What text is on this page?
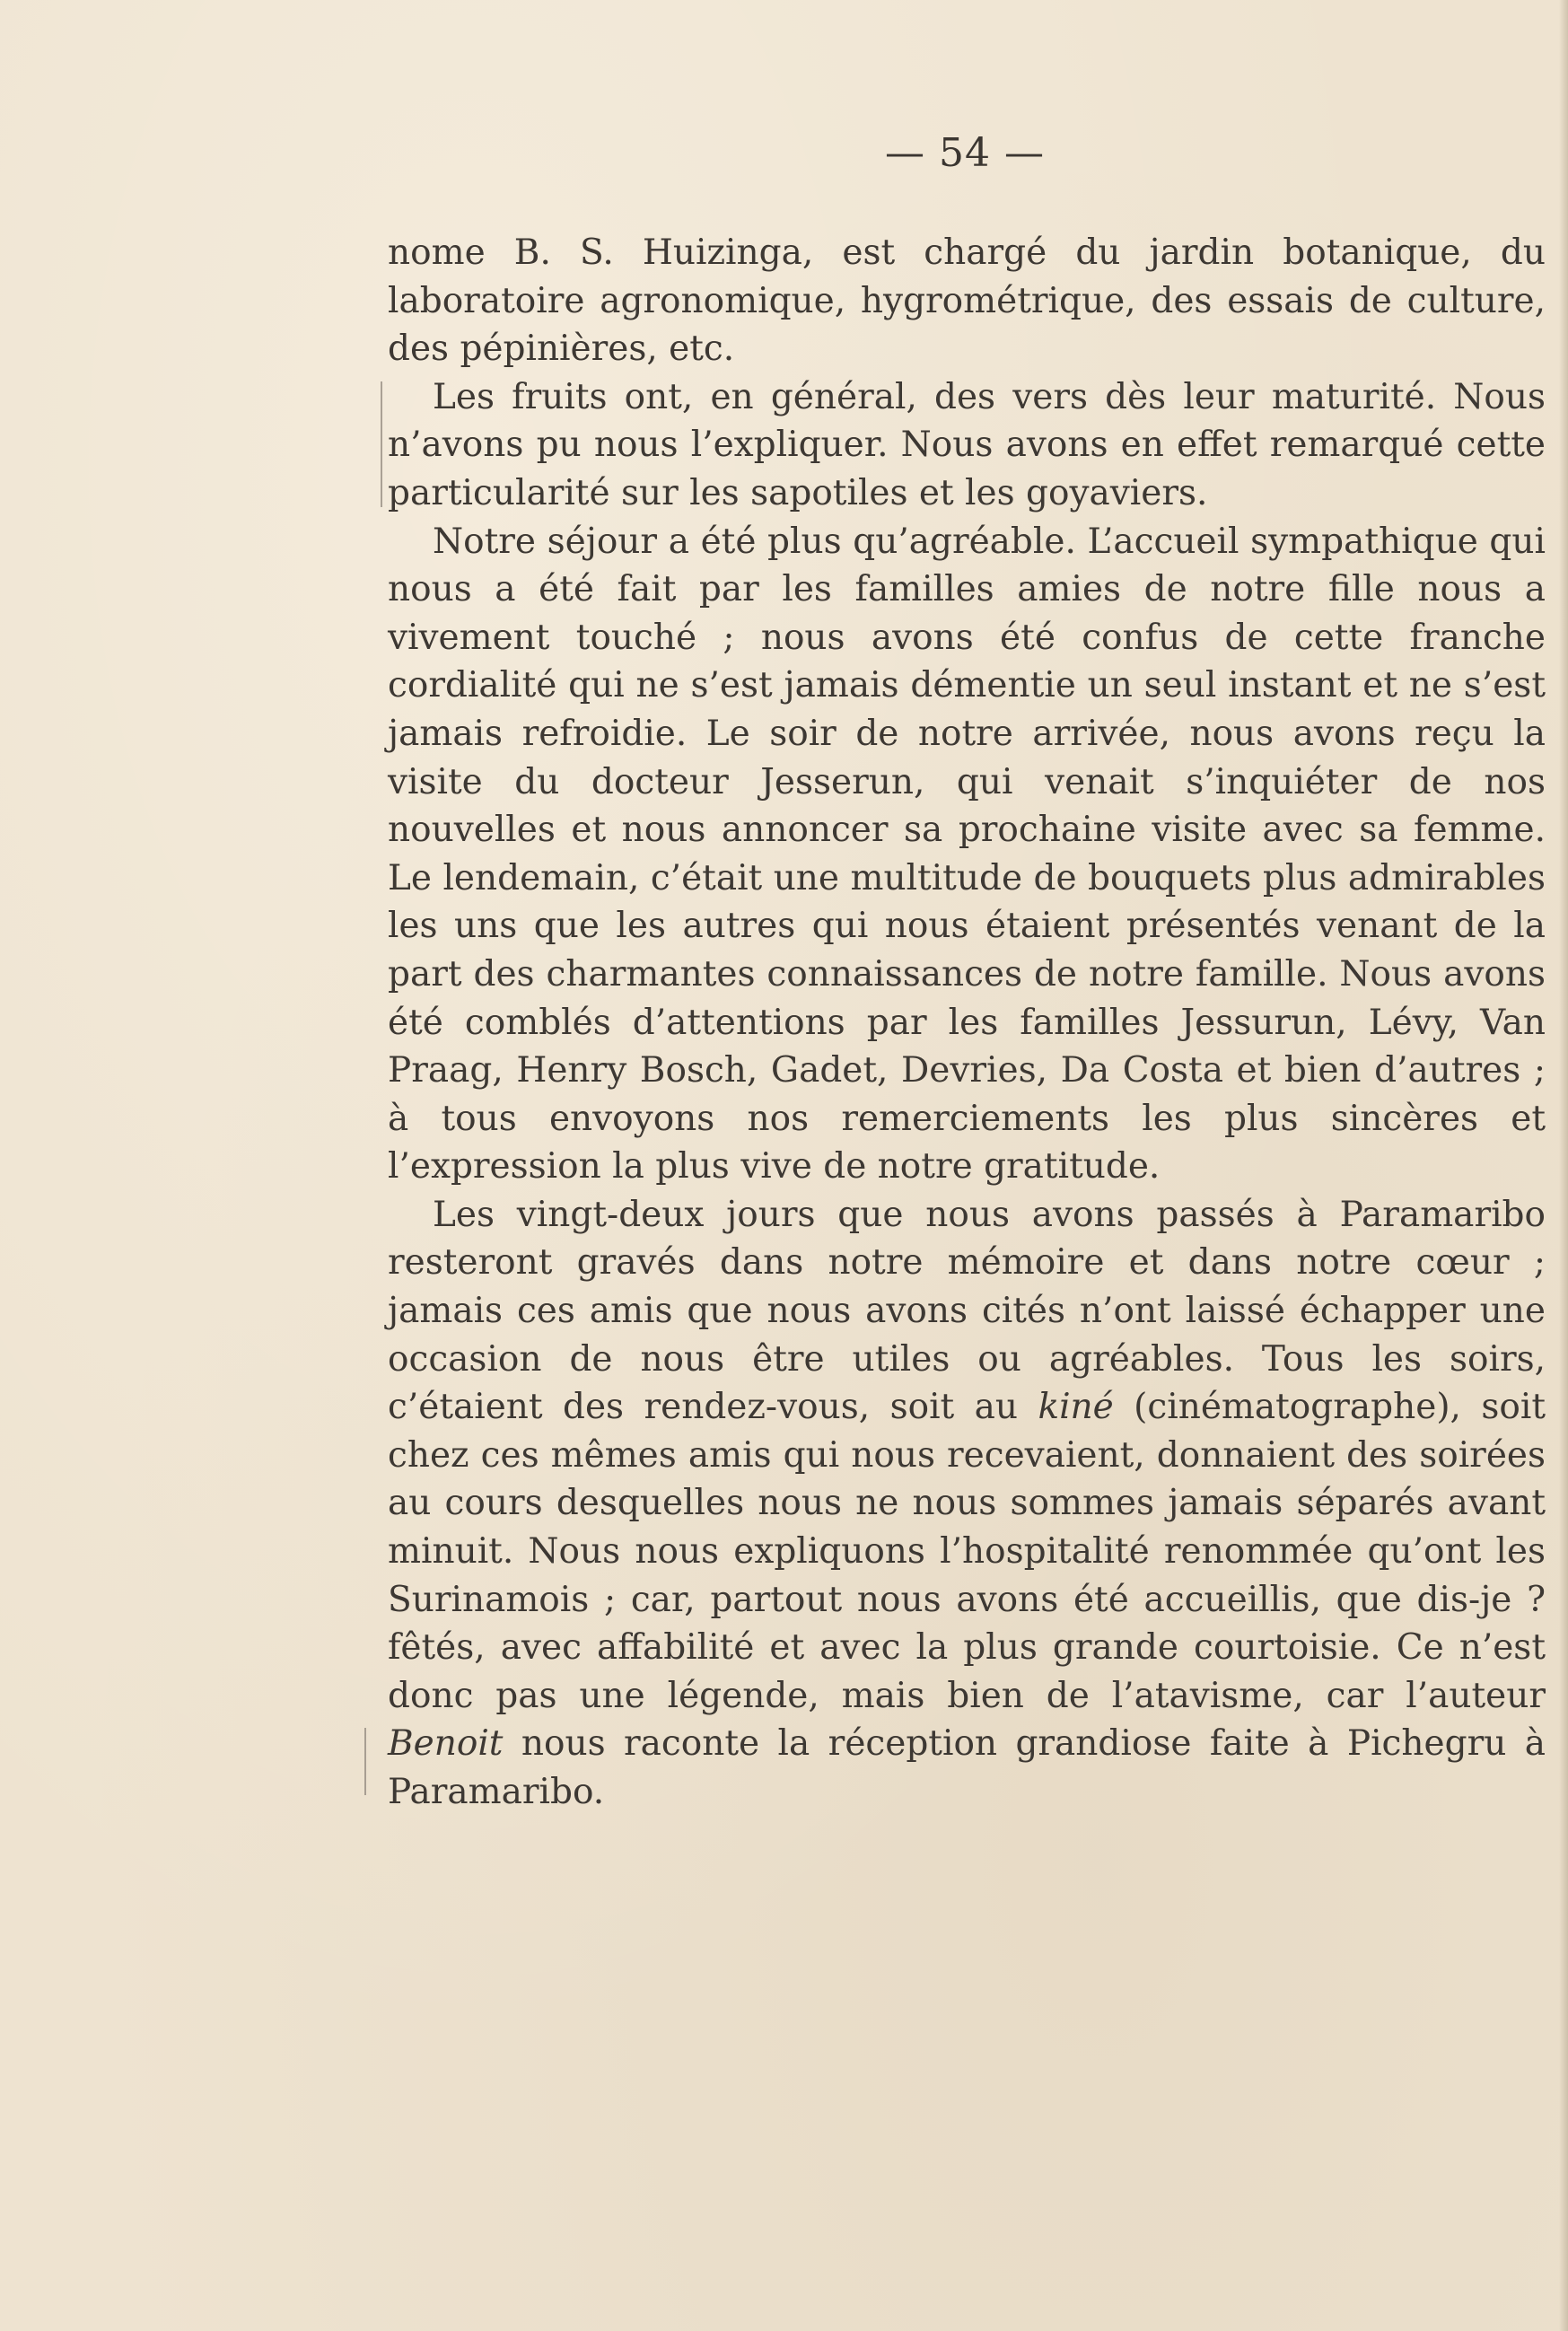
— 54 —

nome B. S. Huizinga, est chargé du jardin botanique, du laboratoire agronomique, hygrométrique, des essais de culture, des pépinières, etc.

Les fruits ont, en général, des vers dès leur maturité. Nous n’avons pu nous l’expliquer. Nous avons en effet remarqué cette particularité sur les sapotiles et les goyaviers.

Notre séjour a été plus qu’agréable. L’accueil sympathique qui nous a été fait par les familles amies de notre fille nous a vivement touché ; nous avons été confus de cette franche cordialité qui ne s’est jamais démentie un seul instant et ne s’est jamais refroidie. Le soir de notre arrivée, nous avons reçu la visite du docteur Jesserun, qui venait s’inquiéter de nos nouvelles et nous annoncer sa prochaine visite avec sa femme. Le lendemain, c’était une multitude de bouquets plus admirables les uns que les autres qui nous étaient présentés venant de la part des charmantes connaissances de notre famille. Nous avons été comblés d’attentions par les familles Jessurun, Lévy, Van Praag, Henry Bosch, Gadet, Devries, Da Costa et bien d’autres ; à tous envoyons nos remerciements les plus sincères et l’expression la plus vive de notre gratitude.

Les vingt-deux jours que nous avons passés à Paramaribo resteront gravés dans notre mémoire et dans notre cœur ; jamais ces amis que nous avons cités n’ont laissé échapper une occasion de nous être utiles ou agréables. Tous les soirs, c’étaient des rendez-vous, soit au kiné (cinématographe), soit chez ces mêmes amis qui nous recevaient, donnaient des soirées au cours desquelles nous ne nous sommes jamais séparés avant minuit. Nous nous expliquons l’hospitalité renommée qu’ont les Surinamois ; car, partout nous avons été accueillis, que dis-je ? fêtés, avec affabilité et avec la plus grande courtoisie. Ce n’est donc pas une légende, mais bien de l’atavisme, car l’auteur Benoit nous raconte la réception grandiose faite à Pichegru à Paramaribo.
